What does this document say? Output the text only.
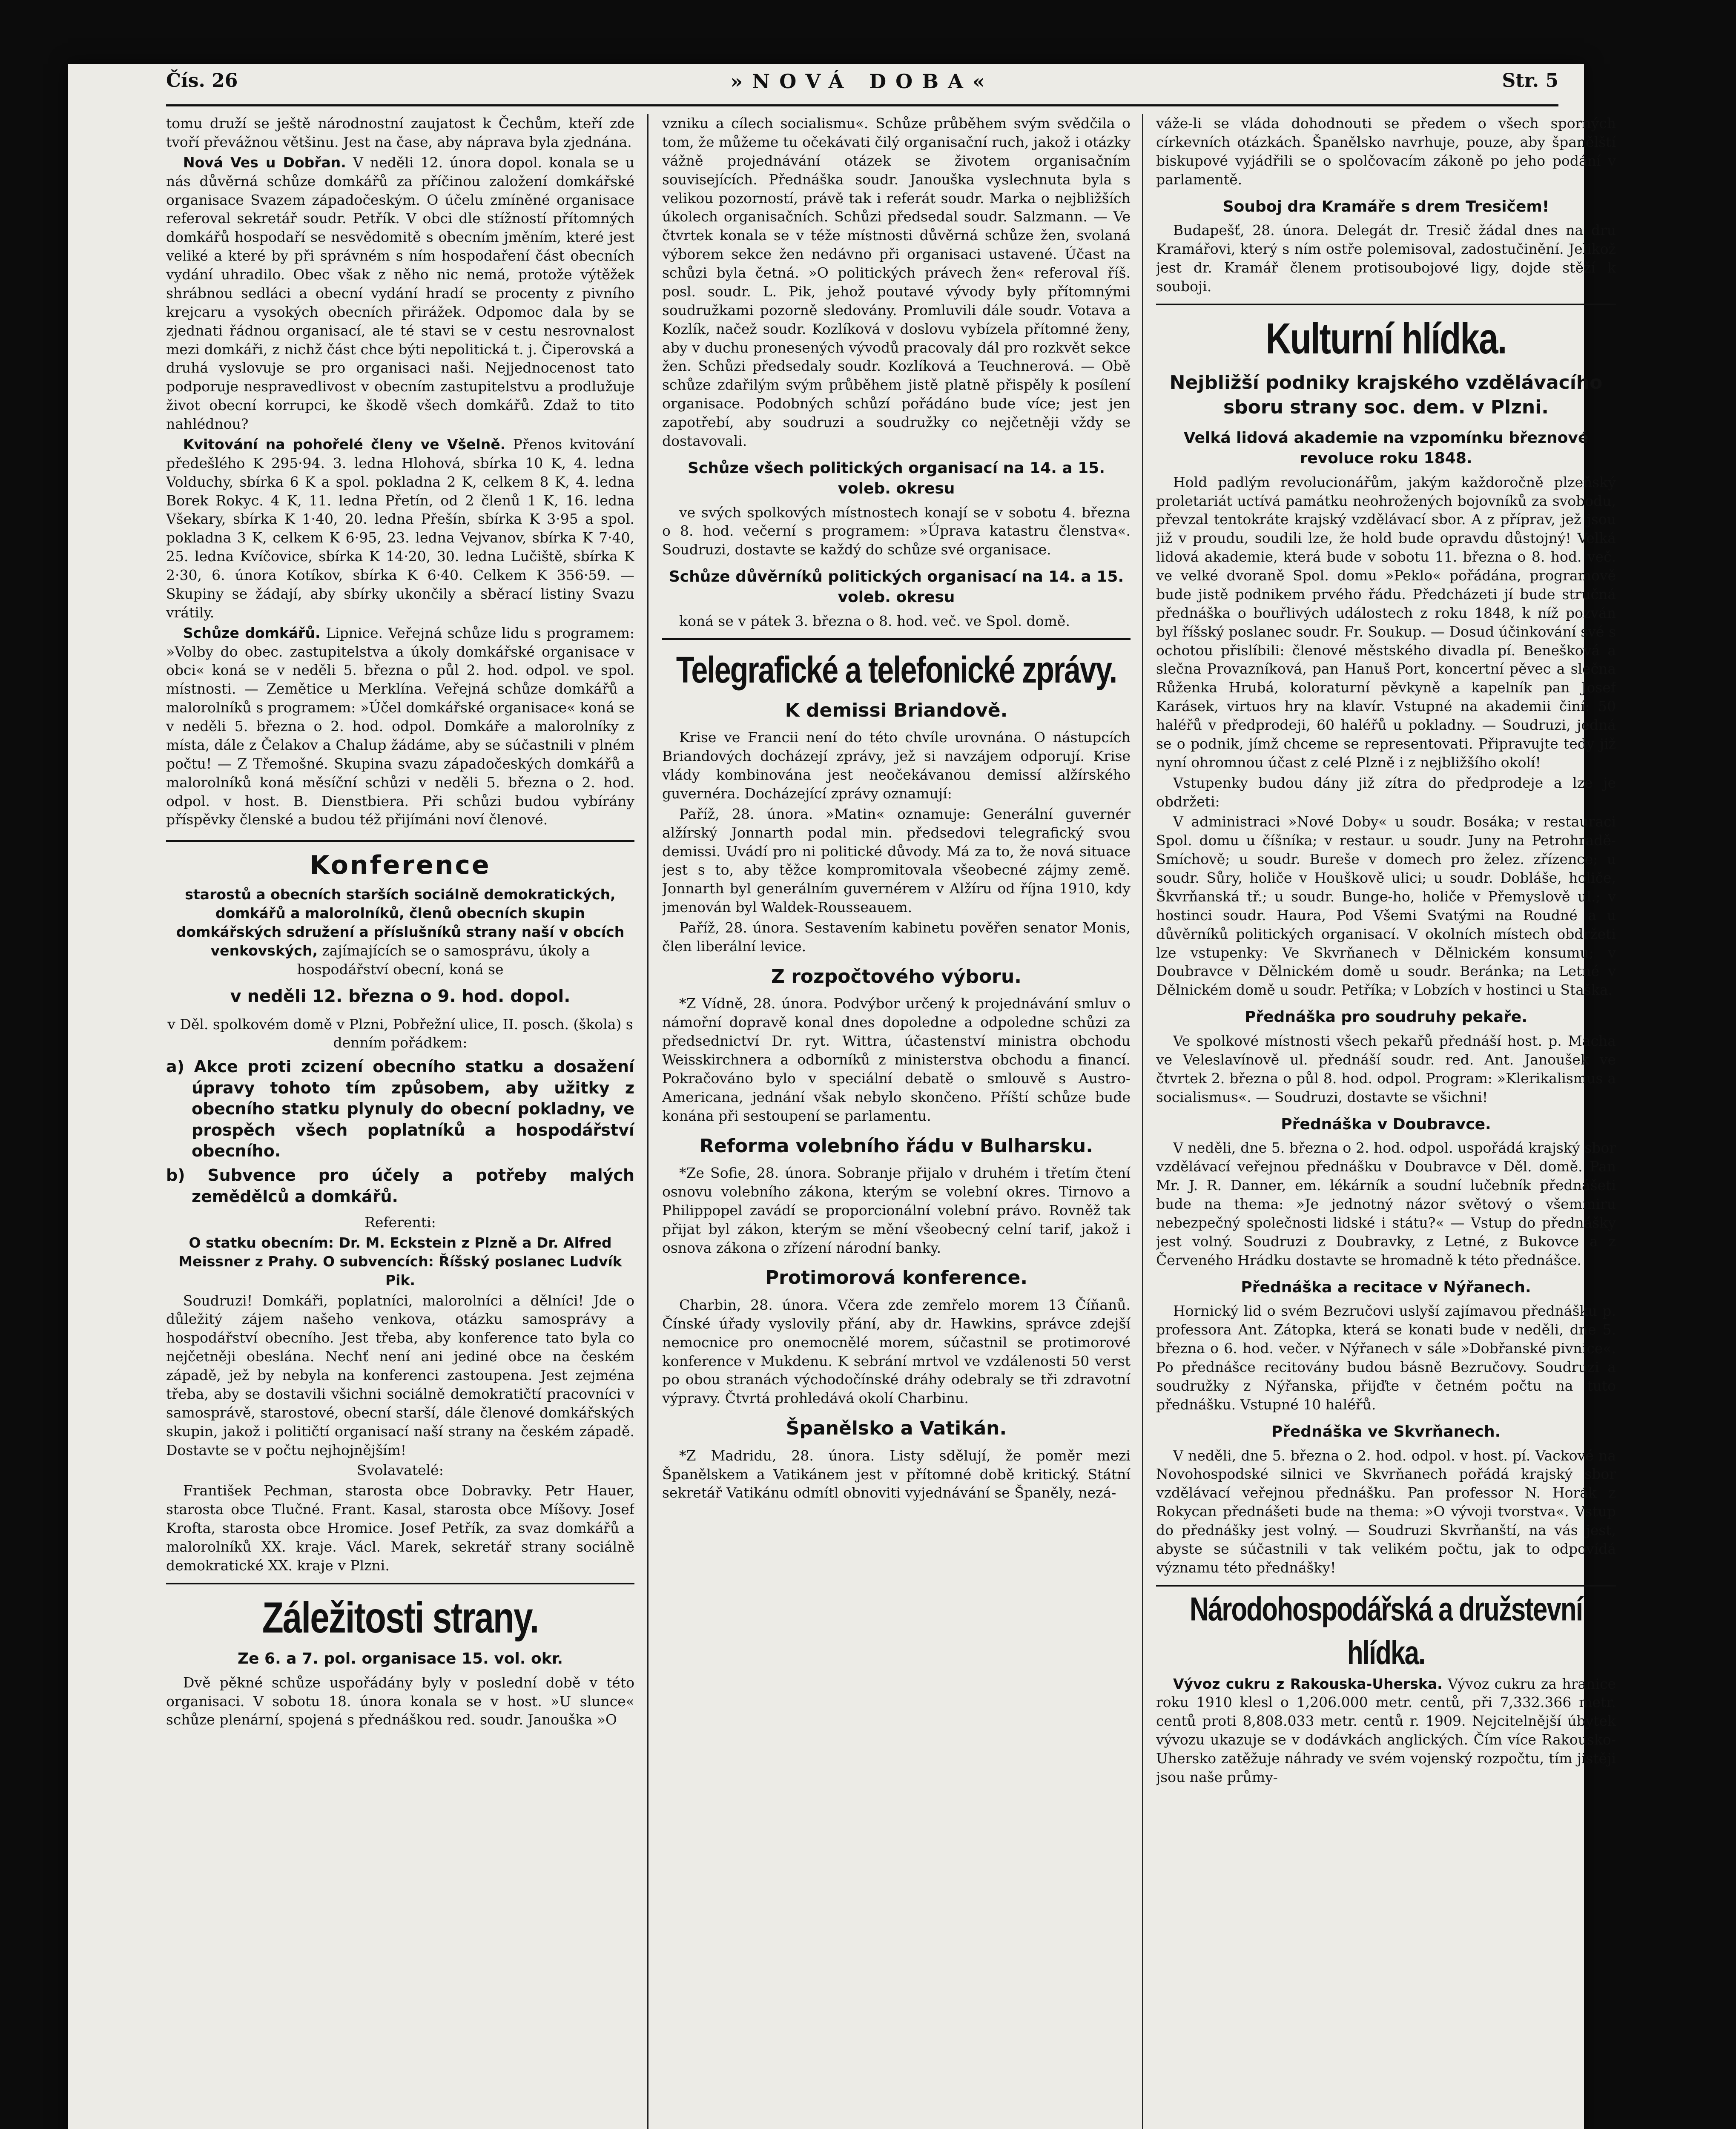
Čís. 26	»NOVÁ DOBA«	Str. 5

tomu druží se ještě národnostní zaujatost k Čechům, kteří zde tvoří převážnou většinu. Jest na čase, aby náprava byla zjednána.

Nová Ves u Dobřan. V neděli 12. února dopol. konala se u nás důvěrná schůze domkářů za příčinou založení domkářské organisace Svazem západočeským. O účelu zmíněné organisace referoval sekretář soudr. Petřík. V obci dle stížností přítomných domkářů hospodaří se nesvědomitě s obecním jměním, které jest veliké a které by při správném s ním hospodaření část obecních vydání uhradilo. Obec však z něho nic nemá, protože výtěžek shrábnou sedláci a obecní vydání hradí se procenty z pivního krejcaru a vysokých obecních přirážek. Odpomoc dala by se zjednati řádnou organisací, ale té stavi se v cestu nesrovnalost mezi domkáři, z nichž část chce býti nepolitická t. j. Čiperovská a druhá vyslovuje se pro organisaci naši. Nejjednocenost tato podporuje nespravedlivost v obecním zastupitelstvu a prodlužuje život obecní korrupci, ke škodě všech domkářů. Zdaž to tito nahlédnou?

Kvitování na pohořelé členy ve Všelně. Přenos kvitování předešlého K 295·94. 3. ledna Hlohová, sbírka 10 K, 4. ledna Volduchy, sbírka 6 K a spol. pokladna 2 K, celkem 8 K, 4. ledna Borek Rokyc. 4 K, 11. ledna Přetín, od 2 členů 1 K, 16. ledna Všekary, sbírka K 1·40, 20. ledna Přešín, sbírka K 3·95 a spol. pokladna 3 K, celkem K 6·95, 23. ledna Vejvanov, sbírka K 7·40, 25. ledna Kvíčovice, sbírka K 14·20, 30. ledna Lučiště, sbírka K 2·30, 6. února Kotíkov, sbírka K 6·40. Celkem K 356·59. — Skupiny se žádají, aby sbírky ukončily a sběrací listiny Svazu vrátily.

Schůze domkářů. Lipnice. Veřejná schůze lidu s programem: »Volby do obec. zastupitelstva a úkoly domkářské organisace v obci« koná se v neděli 5. března o půl 2. hod. odpol. ve spol. místnosti. — Zemětice u Merklína. Veřejná schůze domkářů a malorolníků s programem: »Účel domkářské organisace« koná se v neděli 5. března o 2. hod. odpol. Domkáře a malorolníky z místa, dále z Čelakov a Chalup žádáme, aby se súčastnili v plném počtu! — Z Třemošné. Skupina svazu západočeských domkářů a malorolníků koná měsíční schůzi v neděli 5. března o 2. hod. odpol. v host. B. Dienstbiera. Při schůzi budou vybírány příspěvky členské a budou též přijímáni noví členové.

Konference

starostů a obecních starších sociálně demokratických, domkářů a malorolníků, členů obecních skupin domkářských sdružení a příslušníků strany naší v obcích venkovských, zajímajících se o samosprávu, úkoly a hospodářství obecní, koná se

v neděli 12. března o 9. hod. dopol.

v Děl. spolkovém domě v Plzni, Pobřežní ulice, II. posch. (škola) s denním pořádkem:

a) Akce proti zcizení obecního statku a dosažení úpravy tohoto tím způsobem, aby užitky z obecního statku plynuly do obecní pokladny, ve prospěch všech poplatníků a hospodářství obecního.
b) Subvence pro účely a potřeby malých zemědělců a domkářů.

Referenti:

O statku obecním: Dr. M. Eckstein z Plzně a Dr. Alfred Meissner z Prahy. O subvencích: Říšský poslanec Ludvík Pik.

Soudruzi! Domkáři, poplatníci, malorolníci a dělníci! Jde o důležitý zájem našeho venkova, otázku samosprávy a hospodářství obecního. Jest třeba, aby konference tato byla co nejčetněji obeslána. Nechť není ani jediné obce na českém západě, jež by nebyla na konferenci zastoupena. Jest zejména třeba, aby se dostavili všichni sociálně demokratičtí pracovníci v samosprávě, starostové, obecní starší, dále členové domkářských skupin, jakož i političtí organisací naší strany na českém západě. Dostavte se v počtu nejhojnějším!

Svolavatelé:

František Pechman, starosta obce Dobravky. Petr Hauer, starosta obce Tlučné. Frant. Kasal, starosta obce Míšovy. Josef Krofta, starosta obce Hromice. Josef Petřík, za svaz domkářů a malorolníků XX. kraje. Václ. Marek, sekretář strany sociálně demokratické XX. kraje v Plzni.

Záležitosti strany.
Ze 6. a 7. pol. organisace 15. vol. okr.

Dvě pěkné schůze uspořádány byly v poslední době v této organisaci. V sobotu 18. února konala se v host. »U slunce« schůze plenární, spojená s přednáškou red. soudr. Janouška »O

vzniku a cílech socialismu«. Schůze průběhem svým svědčila o tom, že můžeme tu očekávati čilý organisační ruch, jakož i otázky vážně projednávání otázek se životem organisačním souvisejících. Přednáška soudr. Janouška vyslechnuta byla s velikou pozorností, právě tak i referát soudr. Marka o nejbližších úkolech organisačních. Schůzi předsedal soudr. Salzmann. — Ve čtvrtek konala se v téže místnosti důvěrná schůze žen, svolaná výborem sekce žen nedávno při organisaci ustavené. Účast na schůzi byla četná. »O politických právech žen« referoval říš. posl. soudr. L. Pik, jehož poutavé vývody byly přítomnými soudružkami pozorně sledovány. Promluvili dále soudr. Votava a Kozlík, načež soudr. Kozlíková v doslovu vybízela přítomné ženy, aby v duchu pronesených vývodů pracovaly dál pro rozkvět sekce žen. Schůzi předsedaly soudr. Kozlíková a Teuchnerová. — Obě schůze zdařilým svým průběhem jistě platně přispěly k posílení organisace. Podobných schůzí pořádáno bude více; jest jen zapotřebí, aby soudruzi a soudružky co nejčetněji vždy se dostavovali.

Schůze všech politických organisací na 14. a 15. voleb. okresu

ve svých spolkových místnostech konají se v sobotu 4. března o 8. hod. večerní s programem: »Úprava katastru členstva«. Soudruzi, dostavte se každý do schůze své organisace.

Schůze důvěrníků politických organisací na 14. a 15. voleb. okresu

koná se v pátek 3. března o 8. hod. več. ve Spol. domě.

Telegrafické a telefonické zprávy.
K demissi Briandově.

Krise ve Francii není do této chvíle urovnána. O nástupcích Briandových docházejí zprávy, jež si navzájem odporují. Krise vlády kombinována jest neočekávanou demissí alžírského guvernéra. Docházející zprávy oznamují:

Paříž, 28. února. »Matin« oznamuje: Generální guvernér alžírský Jonnarth podal min. předsedovi telegrafický svou demissi. Uvádí pro ni politické důvody. Má za to, že nová situace jest s to, aby těžce kompromitovala všeobecné zájmy země. Jonnarth byl generálním guvernérem v Alžíru od října 1910, kdy jmenován byl Waldek-Rousseauem.

Paříž, 28. února. Sestavením kabinetu pověřen senator Monis, člen liberální levice.

Z rozpočtového výboru.

*Z Vídně, 28. února. Podvýbor určený k projednávání smluv o námořní dopravě konal dnes dopoledne a odpoledne schůzi za předsednictví Dr. ryt. Wittra, účastenství ministra obchodu Weisskirchnera a odborníků z ministerstva obchodu a financí. Pokračováno bylo v speciální debatě o smlouvě s Austro-Americana, jednání však nebylo skončeno. Příští schůze bude konána při sestoupení se parlamentu.

Reforma volebního řádu v Bulharsku.

*Ze Sofie, 28. února. Sobranje přijalo v druhém i třetím čtení osnovu volebního zákona, kterým se volební okres. Tirnovo a Philippopel zavádí se proporcionální volební právo. Rovněž tak přijat byl zákon, kterým se mění všeobecný celní tarif, jakož i osnova zákona o zřízení národní banky.

Protimorová konference.

Charbin, 28. února. Včera zde zemřelo morem 13 Číňanů. Čínské úřady vyslovily přání, aby dr. Hawkins, správce zdejší nemocnice pro onemocnělé morem, súčastnil se protimorové konference v Mukdenu. K sebrání mrtvol ve vzdálenosti 50 verst po obou stranách východočínské dráhy odebraly se tři zdravotní výpravy. Čtvrtá prohledává okolí Charbinu.

Španělsko a Vatikán.

*Z Madridu, 28. února. Listy sdělují, že poměr mezi Španělskem a Vatikánem jest v přítomné době kritický. Státní sekretář Vatikánu odmítl obnoviti vyjednávání se Španěly, nezá-

váže-li se vláda dohodnouti se předem o všech sporných církevních otázkách. Španělsko navrhuje, pouze, aby španělští biskupové vyjádřili se o spolčovacím zákoně po jeho podání v parlamentě.

Souboj dra Kramáře s drem Tresičem!

Budapešť, 28. února. Delegát dr. Tresič žádal dnes na dru Kramářovi, který s ním ostře polemisoval, zadostučinění. Jelikož jest dr. Kramář členem protisoubojové ligy, dojde stěží k souboji.

Kulturní hlídka.
Nejbližší podniky krajského vzdělávacího sboru strany soc. dem. v Plzni.
Velká lidová akademie na vzpomínku březnové revoluce roku 1848.

Hold padlým revolucionářům, jakým každoročně plzeňský proletariát uctívá památku neohrožených bojovníků za svobodu, převzal tentokráte krajský vzdělávací sbor. A z příprav, jež jsou již v proudu, soudili lze, že hold bude opravdu důstojný! Velká lidová akademie, která bude v sobotu 11. března o 8. hod. več. ve velké dvoraně Spol. domu »Peklo« pořádána, programově bude jistě podnikem prvého řádu. Předcházeti jí bude stručná přednáška o bouřlivých událostech z roku 1848, k níž pozván byl říšský poslanec soudr. Fr. Soukup. — Dosud účinkování své s ochotou přislíbili: členové městského divadla pí. Benešková a slečna Provazníková, pan Hanuš Port, koncertní pěvec a slečna Růženka Hrubá, koloraturní pěvkyně a kapelník pan Josef Karásek, virtuos hry na klavír. Vstupné na akademii činí: 50 haléřů v předprodeji, 60 haléřů u pokladny. — Soudruzi, jedná se o podnik, jímž chceme se representovati. Připravujte tedy již nyní ohromnou účast z celé Plzně i z nejbližšího okolí!

Vstupenky budou dány již zítra do předprodeje a lze je obdržeti:

V administraci »Nové Doby« u soudr. Bosáka; v restauraci Spol. domu u číšníka; v restaur. u soudr. Juny na Petrohradě-Smíchově; u soudr. Bureše v domech pro želez. zřízence; u soudr. Sůry, holiče v Houškově ulici; u soudr. Dobláše, holiče, Škvrňanská tř.; u soudr. Bunge-ho, holiče v Přemyslově ul.; v hostinci soudr. Haura, Pod Všemi Svatými na Roudné a u důvěrníků politických organisací. V okolních místech obdržeti lze vstupenky: Ve Skvrňanech v Dělnickém konsumu; v Doubravce v Dělnickém domě u soudr. Beránka; na Letné v Dělnickém domě u soudr. Petříka; v Lobzích v hostinci u Staška.

Přednáška pro soudruhy pekaře.

Ve spolkové místnosti všech pekařů přednáší host. p. Macha ve Veleslavínově ul. přednáší soudr. red. Ant. Janoušek ve čtvrtek 2. března o půl 8. hod. odpol. Program: »Klerikalismus a socialismus«. — Soudruzi, dostavte se všichni!

Přednáška v Doubravce.

V neděli, dne 5. března o 2. hod. odpol. uspořádá krajský sbor vzdělávací veřejnou přednášku v Doubravce v Děl. domě. Pan Mr. J. R. Danner, em. lékárník a soudní lučebník přednášeti bude na thema: »Je jednotný názor světový o všemmiru nebezpečný společnosti lidské i státu?« — Vstup do přednášky jest volný. Soudruzi z Doubravky, z Letné, z Bukovce a z Červeného Hrádku dostavte se hromadně k této přednášce.

Přednáška a recitace v Nýřanech.

Hornický lid o svém Bezručovi uslyší zajímavou přednášku p. professora Ant. Zátopka, která se konati bude v neděli, dne 5. března o 6. hod. večer. v Nýřanech v sále »Dobřanské pivnice«. Po přednášce recitovány budou básně Bezručovy. Soudruzi a soudružky z Nýřanska, přijďte v četném počtu na tuto přednášku. Vstupné 10 haléřů.

Přednáška ve Skvrňanech.

V neděli, dne 5. března o 2. hod. odpol. v host. pí. Vackové na Novohospodské silnici ve Skvrňanech pořádá krajský sbor vzdělávací veřejnou přednášku. Pan professor N. Horák z Rokycan přednášeti bude na thema: »O vývoji tvorstva«. Vstup do přednášky jest volný. — Soudruzi Skvrňanští, na vás jest, abyste se súčastnili v tak velikém počtu, jak to odpovídá významu této přednášky!

Národohospodářská a družstevní hlídka.

Vývoz cukru z Rakouska-Uherska. Vývoz cukru za hranice roku 1910 klesl o 1,206.000 metr. centů, při 7,332.366 metr. centů proti 8,808.033 metr. centů r. 1909. Nejcitelnější úbytek vývozu ukazuje se v dodávkách anglických. Čím více Rakousko-Uhersko zatěžuje náhrady ve svém vojenský rozpočtu, tím jistěji jsou naše průmy-
